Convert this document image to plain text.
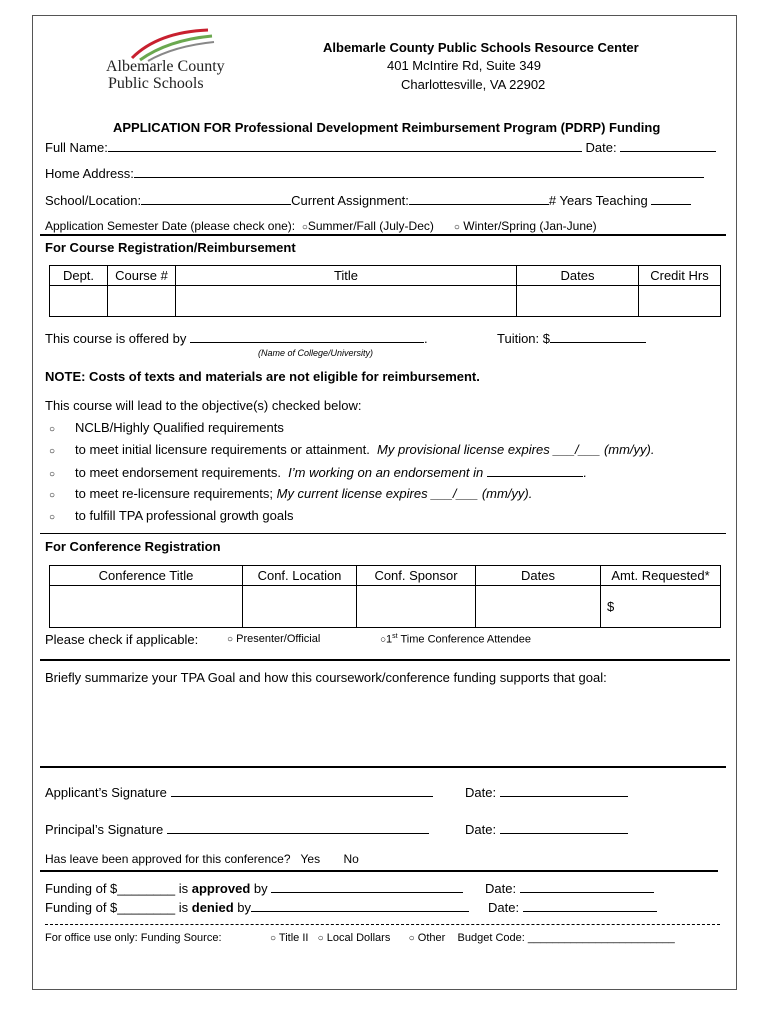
Albemarle County
Public Schools
Albemarle County Public Schools Resource Center
401 McIntire Rd, Suite 349
Charlottesville, VA 22902
APPLICATION FOR Professional Development Reimbursement Program (PDRP) Funding
Full Name:	Date:
Home Address:
School/Location:	Current Assignment:	# Years Teaching
Application Semester Date (please check one): ○Summer/Fall (July-Dec) ○ Winter/Spring (Jan-June)
For Course Registration/Reimbursement
Dept.	Course #	Title	Dates	Credit Hrs

This course is offered by	.
(Name of College/University)
Tuition: $
NOTE: Costs of texts and materials are not eligible for reimbursement.
This course will lead to the objective(s) checked below:
○ NCLB/Highly Qualified requirements
○ to meet initial licensure requirements or attainment. My provisional license expires ___/___ (mm/yy).
○ to meet endorsement requirements. I’m working on an endorsement in	.
○ to meet re-licensure requirements; My current license expires ___/___ (mm/yy).
○ to fulfill TPA professional growth goals
For Conference Registration
Conference Title	Conf. Location	Conf. Sponsor	Dates	Amt. Requested*
				$
Please check if applicable:	○ Presenter/Official	○1st Time Conference Attendee
Briefly summarize your TPA Goal and how this coursework/conference funding supports that goal:
Applicant’s Signature	Date:
Principal’s Signature	Date:
Has leave been approved for this conference? Yes No
Funding of $________ is approved by	Date:
Funding of $________ is denied by	Date:
For office use only: Funding Source:	○ Title II ○ Local Dollars ○ Other Budget Code: ________________________
